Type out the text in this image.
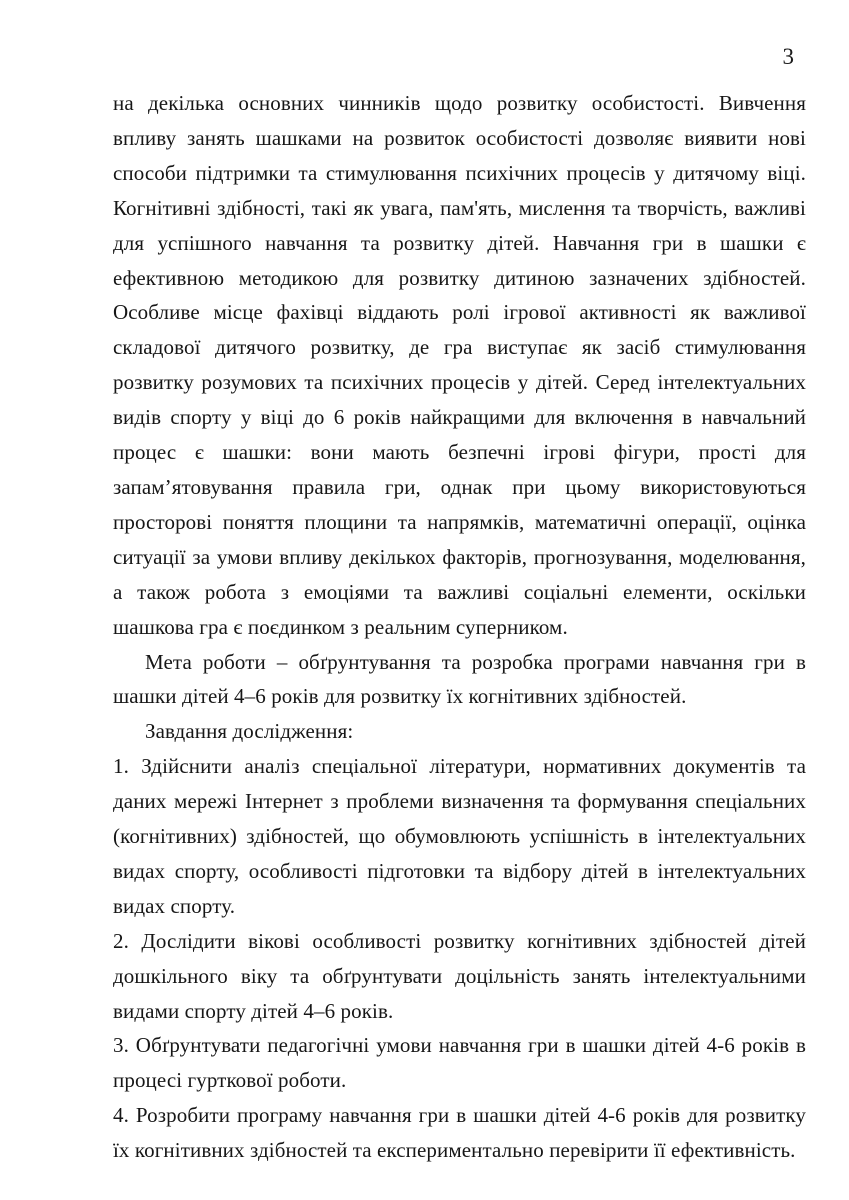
3

на декілька основних чинників щодо розвитку особистості. Вивчення впливу занять шашками на розвиток особистості дозволяє виявити нові способи підтримки та стимулювання психічних процесів у дитячому віці. Когнітивні здібності, такі як увага, пам'ять, мислення та творчість, важливі для успішного навчання та розвитку дітей. Навчання гри в шашки є ефективною методикою для розвитку дитиною зазначених здібностей. Особливе місце фахівці віддають ролі ігрової активності як важливої складової дитячого розвитку, де гра виступає як засіб стимулювання розвитку розумових та психічних процесів у дітей. Серед інтелектуальних видів спорту у віці до 6 років найкращими для включення в навчальний процес є шашки: вони мають безпечні ігрові фігури, прості для запам’ятовування правила гри, однак при цьому використовуються просторові поняття площини та напрямків, математичні операції, оцінка ситуації за умови впливу декількох факторів, прогнозування, моделювання, а також робота з емоціями та важливі соціальні елементи, оскільки шашкова гра є поєдинком з реальним суперником.

Мета роботи – обґрунтування та розробка програми навчання гри в шашки дітей 4–6 років для розвитку їх когнітивних здібностей.

Завдання дослідження:

1. Здійснити аналіз спеціальної літератури, нормативних документів та даних мережі Інтернет з проблеми визначення та формування спеціальних (когнітивних) здібностей, що обумовлюють успішність в інтелектуальних видах спорту, особливості підготовки та відбору дітей в інтелектуальних видах спорту.

2. Дослідити вікові особливості розвитку когнітивних здібностей дітей дошкільного віку та обґрунтувати доцільність занять інтелектуальними видами спорту дітей 4–6 років.

3. Обґрунтувати педагогічні умови навчання гри в шашки дітей 4-6 років в процесі гурткової роботи.

4. Розробити програму навчання гри в шашки дітей 4-6 років для розвитку їх когнітивних здібностей та експериментально перевірити її ефективність.
